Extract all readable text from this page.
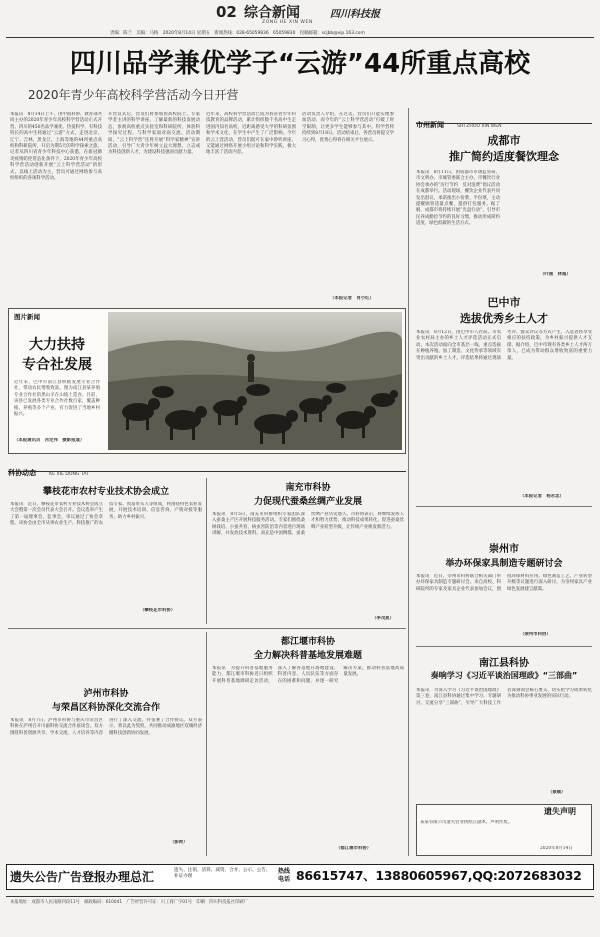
02 综合新闻
ZONG HE XIN WEN
四川科技报
责编：陈兰　美编：马梅　2020年8月14日 星期五　新闻热线：028-65059836　65059830　投稿邮箱：scjbb@vip.163.com
四川品学兼优学子“云游”44所重点高校
2020年青少年高校科学营活动今日开营
本报讯　8月14日上午，由中国科协、教育部共同主办的2020年青少年高校科学营活动正式开营。四川的450名品学兼优、热爱科学、有科技特长的高中生将通过“云游”方式，走进北京、辽宁、吉林、黑龙江、上海等地的44所重点高校和科研院所，开启为期5天的科学探索之旅。记者从四川省青少年科技中心获悉，在新冠肺炎疫情防控常态化条件下，2020年青少年高校科学营活动创新开展“云上科学营活动”的形式，以线上活动为主，营员可通过网络参与高校组织的各项科学活动。
开营仪式后，营员们将参加由高校院士、专家学者主讲的科学讲座，了解最新的科技发展动态，参观高校重点实验室和科研院所，体验科学探究过程，与科学家面对面交流。活动期间，“云上科学营”还将开展“科学家精神”宣讲活动，引导广大青少年树立远大理想，立志成为科技创新人才，为建设科技强国贡献力量。
近年来，高校科学营活动已成为我省青少年科技教育的品牌活动，累计组织数千名高中生走进国内知名高校，近距离感受大学的科研氛围和学术文化，在学生中产生了广泛影响。今年的云上营活动，营员们既可在家中聆听讲座，又能通过网络开展小组讨论和科学实践，极大地丰富了活动内容。
活动负责人介绍，在过去，营员们只能实地参加活动，而今年的“云上科学营活动”打破了时空限制，让更多学生能够参与其中。科学营将持续到8月18日。活动结束后，各营员将提交学习心得，优秀心得将在相关平台展示。
（本报记者　肖小红）
市州新闻	SHI ZHOU XIN WEN
成都市
推广简约适度餐饮理念
本报讯　8月11日，由成都市市场监管局、市文明办、市城管委联合主办，市餐饮行业协会承办的“厉行节约　反对浪费”倡议活动在成都举行。活动现场，餐饮企业代表共同发出倡议，承诺推出小份菜、半份菜，主动提醒顾客适量点餐，提供打包服务。据了解，成都市将持续开展“光盘行动”，引导市民养成勤俭节约的良好习惯，推动形成简约适度、绿色低碳的生活方式。
（叶燕　林超）
巴中市
选拔优秀乡土人才
本报讯　8月12日，由巴中市人社局、市农业农村局主办的乡土人才评选活动正式启动。本次活动面向全市基层一线，重点选拔在种植养殖、加工制造、文化传承等领域有突出贡献的乡土人才。评选结果将通过现场考评、群众评议等方式产生，入选者将享受相应的扶持政策，为乡村振兴提供人才支撑。据介绍，巴中市现有各类乡土人才两万余人，已成为带动群众增收致富的重要力量。
（本报记者　杨永忠）
图片新闻
大力扶持
专合社发展
近年来，巴中市南江县积极发展专业合作社，带动农民增收致富。图为南江县某养殖专业合作社的黑山羊在山坡上觅食。目前，该县已发展各类专业合作社数百家，覆盖种植、养殖等多个产业，有力促进了当地乡村振兴。
（本报通讯员　肖定伟　摄影报道）
科协动态	KE XIE DONG TAI
攀枝花市农村专业技术协会成立
本报讯　近日，攀枝花市农村专业技术协会成立大会暨第一次会员代表大会召开。会议选举产生了第一届理事会、监事会，审议通过了协会章程。该协会由全市从事农业生产、科技推广的农技专家、致富带头人等组成，将围绕特色农业发展，开展技术培训、信息咨询、产销对接等服务，助力乡村振兴。
（攀枝花市科协）
南充市科协
力促现代蚕桑丝绸产业发展
本报讯　8月5日，南充市科协组织专家团队深入蚕桑主产区开展科技服务活动。专家们围绕桑树栽培、小蚕共育、病虫害防治等内容进行现场讲解，并发放技术资料。南充是中国绸都，蚕桑丝绸产业历史悠久。市科协表示，将继续发挥人才和智力优势，推动科技成果转化，促进蚕桑丝绸产业转型升级，让传统产业焕发新活力。
（李茂恩）
泸州市科协
与荣昌区科协深化交流合作
本报讯　8月7日，泸州市科协与重庆市荣昌区科协在泸州召开川渝科协交流合作座谈会。双方围绕科普资源共享、学术交流、人才培养等内容进行了深入交流，并签署了合作协议。双方表示，将以此为契机，共同推动成渝地区双城经济圈科技创新协同发展。
（彭帅）
都江堰市科协
全力解决科普基地发展难题
本报讯　为提升科普基地服务能力，都江堰市科协近日组织开展科普基地调研走访活动，深入了解各基地在场地建设、科普内容、人员队伍等方面存在的困难和问题，并逐一研究解决方案，推动科普基地高质量发展。
（都江堰市科协）
崇州市
举办环保家具制造专题研讨会
本报讯　近日，崇州市科协联合相关部门举办环保家具制造专题研讨会。来自高校、科研院所的专家及家具企业代表参加会议，围绕环保材料应用、绿色制造工艺、产业转型升级等议题进行深入研讨，为崇州家具产业绿色发展建言献策。
（崇州市科协）
南江县科协
奏响学习《习近平谈治国理政》“三部曲”
本报讯　为深入学习《习近平谈治国理政》第三卷，南江县科协通过集中学习、专题研讨、交流分享“三部曲”，引导广大科技工作者深刻领会核心要义，切实把学习成果转化为推动科协事业发展的实际行动。
（蔡顺）
遗失声明
某某有限公司遗失营业执照正副本，声明作废。
2020年8月14日
遗失公告广告登报办理总汇	遗失、注销、清算、减资、合并、公示、公告、补证办理
热线电话 86615747、13880605967,QQ:2072683032
本报地址：成都市人民南路四段11号　邮政编码：610041　广告经营许可证：川工商广字01号　印刷：四川科技报社印刷厂
